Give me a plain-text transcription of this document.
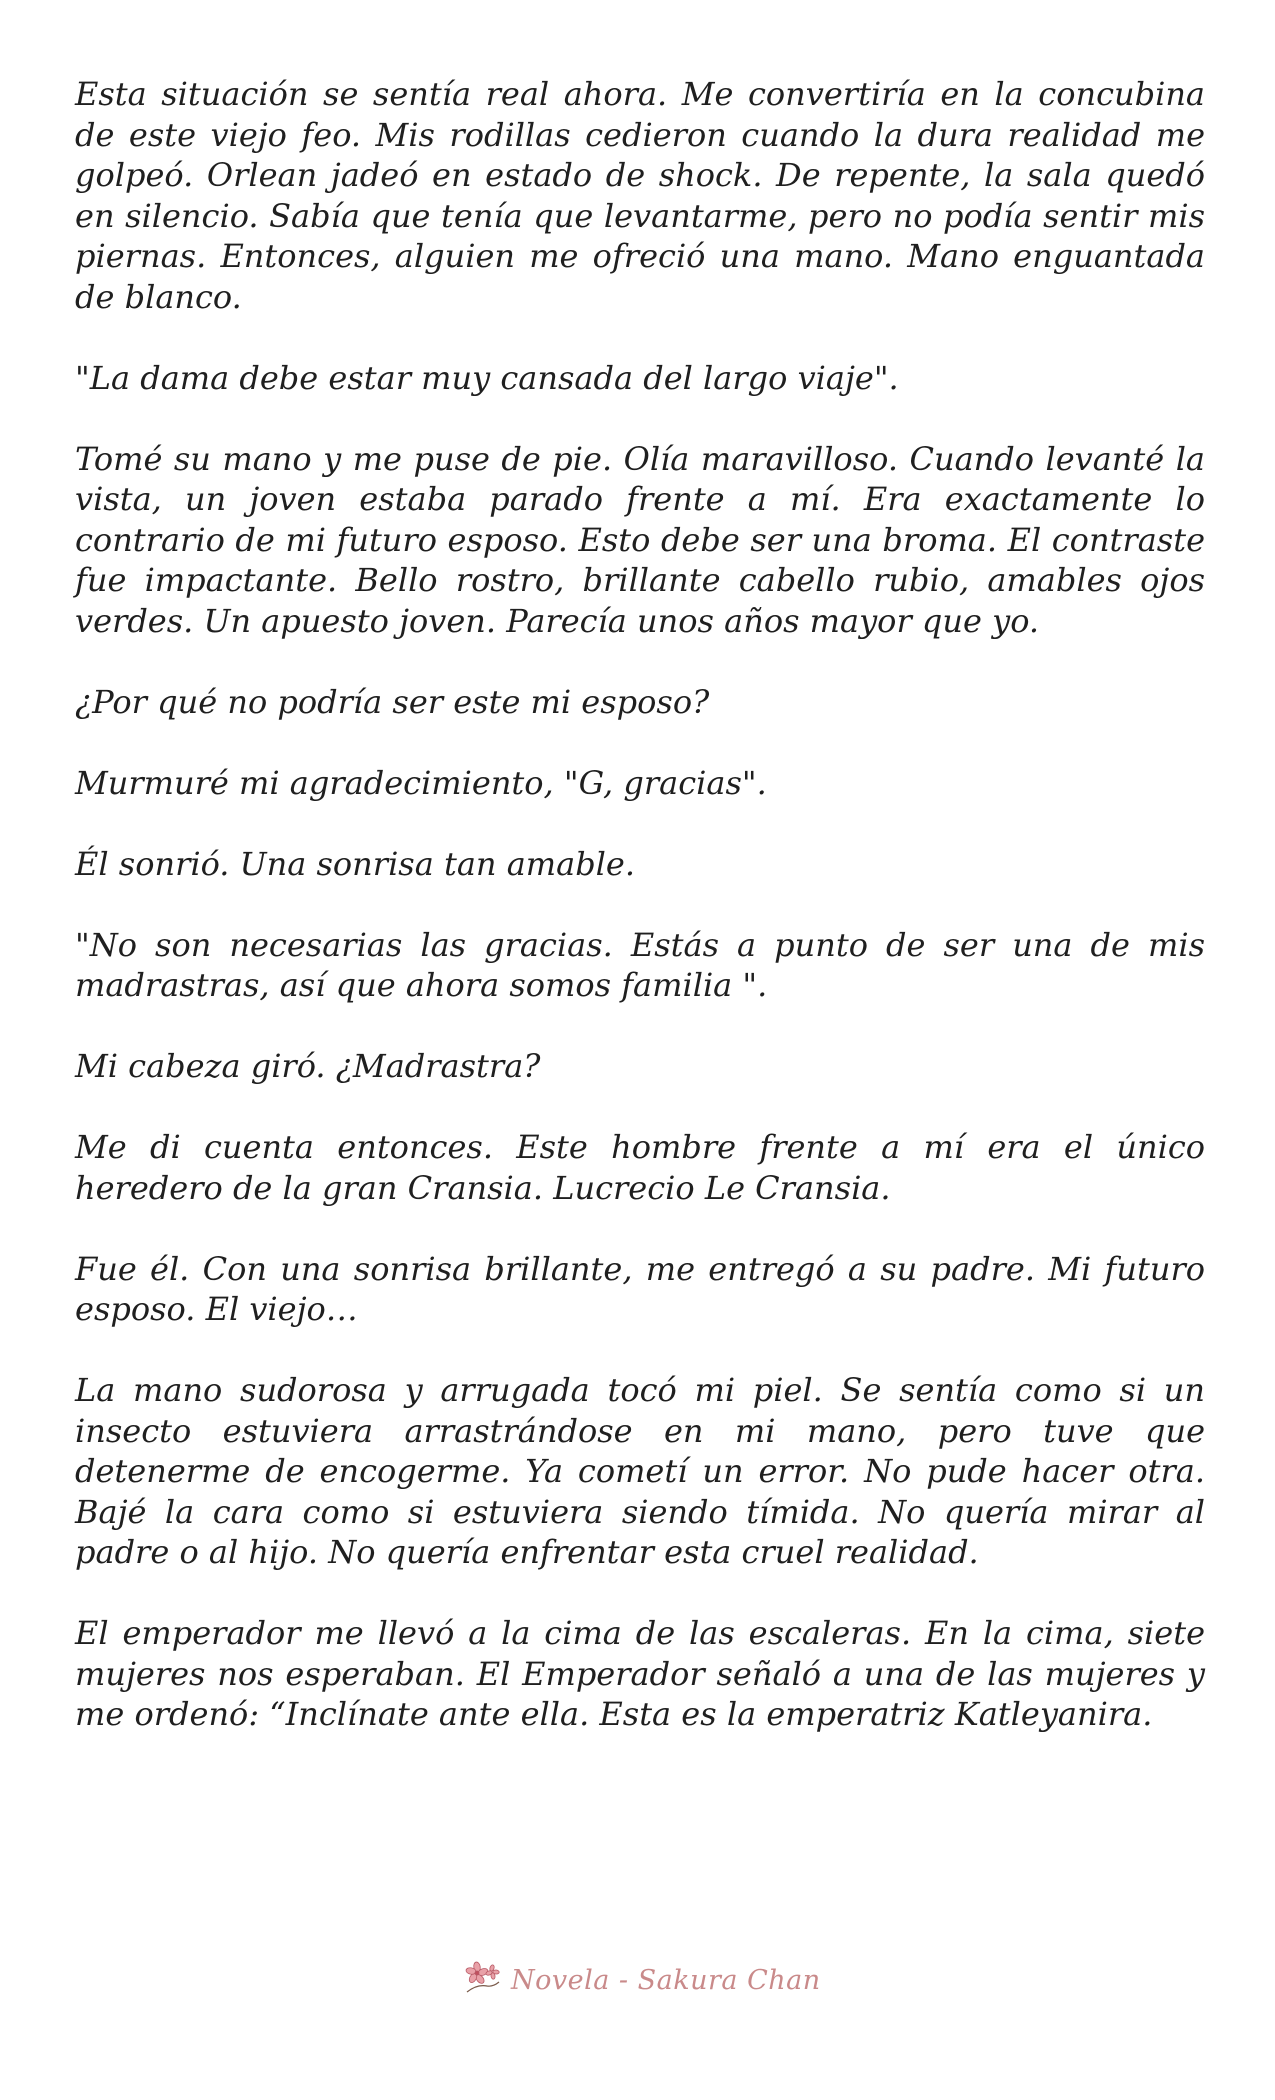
Esta situación se sentía real ahora. Me convertiría en la concubina de este viejo feo. Mis rodillas cedieron cuando la dura realidad me golpeó. Orlean jadeó en estado de shock. De repente, la sala quedó en silencio. Sabía que tenía que levantarme, pero no podía sentir mis piernas. Entonces, alguien me ofreció una mano. Mano enguantada de blanco.

"La dama debe estar muy cansada del largo viaje".

Tomé su mano y me puse de pie. Olía maravilloso. Cuando levanté la vista, un joven estaba parado frente a mí. Era exactamente lo contrario de mi futuro esposo. Esto debe ser una broma. El contraste fue impactante. Bello rostro, brillante cabello rubio, amables ojos verdes. Un apuesto joven. Parecía unos años mayor que yo.

¿Por qué no podría ser este mi esposo?

Murmuré mi agradecimiento, "G, gracias".

Él sonrió. Una sonrisa tan amable.

"No son necesarias las gracias. Estás a punto de ser una de mis madrastras, así que ahora somos familia ".

Mi cabeza giró. ¿Madrastra?

Me di cuenta entonces. Este hombre frente a mí era el único heredero de la gran Cransia. Lucrecio Le Cransia.

Fue él. Con una sonrisa brillante, me entregó a su padre. Mi futuro esposo. El viejo…

La mano sudorosa y arrugada tocó mi piel. Se sentía como si un insecto estuviera arrastrándose en mi mano, pero tuve que detenerme de encogerme. Ya cometí un error. No pude hacer otra. Bajé la cara como si estuviera siendo tímida. No quería mirar al padre o al hijo. No quería enfrentar esta cruel realidad.

El emperador me llevó a la cima de las escaleras. En la cima, siete mujeres nos esperaban. El Emperador señaló a una de las mujeres y me ordenó: “Inclínate ante ella. Esta es la emperatriz Katleyanira.

Novela - Sakura Chan
